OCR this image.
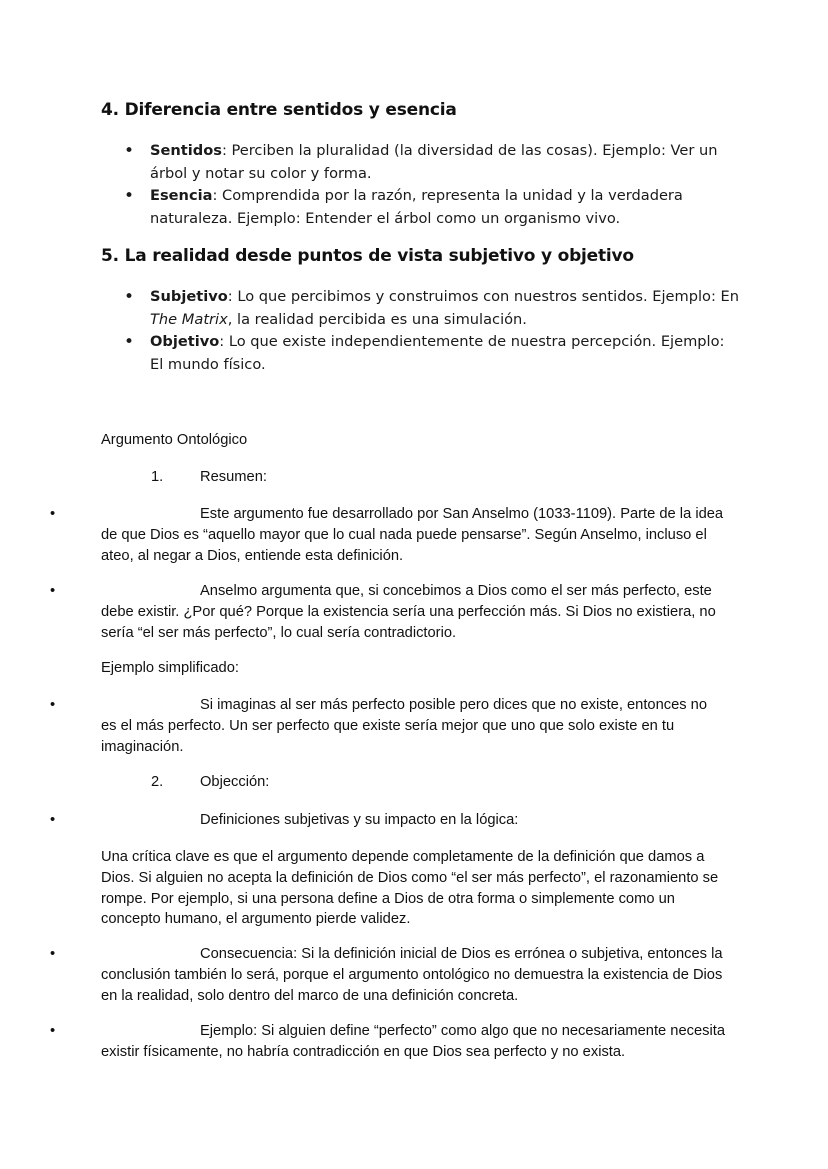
4. Diferencia entre sentidos y esencia
• Sentidos: Perciben la pluralidad (la diversidad de las cosas). Ejemplo: Ver un árbol y notar su color y forma.
• Esencia: Comprendida por la razón, representa la unidad y la verdadera naturaleza. Ejemplo: Entender el árbol como un organismo vivo.
5. La realidad desde puntos de vista subjetivo y objetivo
• Subjetivo: Lo que percibimos y construimos con nuestros sentidos. Ejemplo: En The Matrix, la realidad percibida es una simulación.
• Objetivo: Lo que existe independientemente de nuestra percepción. Ejemplo: El mundo físico.

Argumento Ontológico

1.	Resumen:

•	Este argumento fue desarrollado por San Anselmo (1033-1109). Parte de la idea de que Dios es “aquello mayor que lo cual nada puede pensarse”. Según Anselmo, incluso el ateo, al negar a Dios, entiende esta definición.

•	Anselmo argumenta que, si concebimos a Dios como el ser más perfecto, este debe existir. ¿Por qué? Porque la existencia sería una perfección más. Si Dios no existiera, no sería “el ser más perfecto”, lo cual sería contradictorio.

Ejemplo simplificado:

•	Si imaginas al ser más perfecto posible pero dices que no existe, entonces no es el más perfecto. Un ser perfecto que existe sería mejor que uno que solo existe en tu imaginación.

2.	Objección:

•	Definiciones subjetivas y su impacto en la lógica:

Una crítica clave es que el argumento depende completamente de la definición que damos a Dios. Si alguien no acepta la definición de Dios como “el ser más perfecto”, el razonamiento se rompe. Por ejemplo, si una persona define a Dios de otra forma o simplemente como un concepto humano, el argumento pierde validez.

•	Consecuencia: Si la definición inicial de Dios es errónea o subjetiva, entonces la conclusión también lo será, porque el argumento ontológico no demuestra la existencia de Dios en la realidad, solo dentro del marco de una definición concreta.

•	Ejemplo: Si alguien define “perfecto” como algo que no necesariamente necesita existir físicamente, no habría contradicción en que Dios sea perfecto y no exista.
